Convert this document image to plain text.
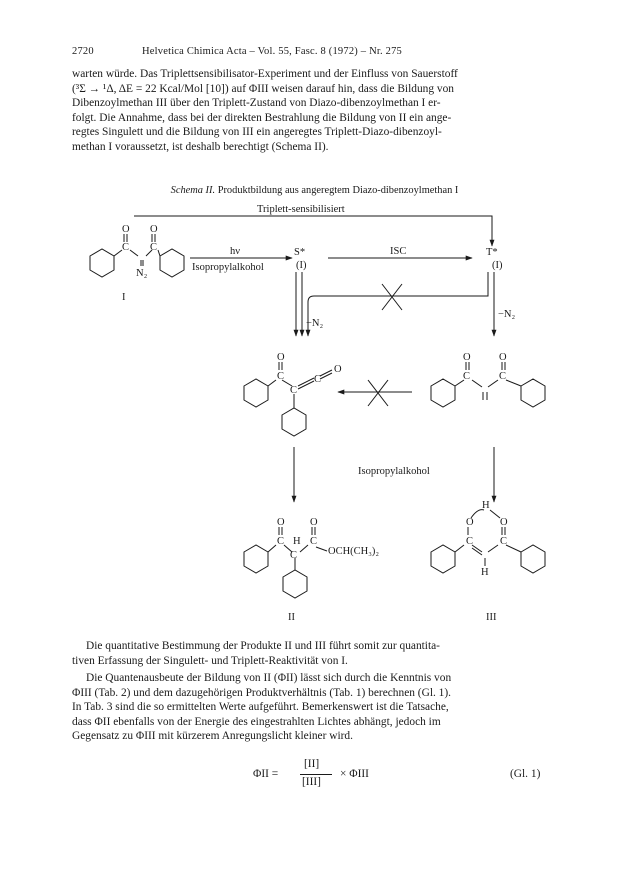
2720	Helvetica Chimica Acta – Vol. 55, Fasc. 8 (1972) – Nr. 275

warten würde. Das Triplettsensibilisator-Experiment und der Einfluss von Sauerstoff

(³Σ → ¹Δ, ΔE = 22 Kcal/Mol [10]) auf ΦIII weisen darauf hin, dass die Bildung von

Dibenzoylmethan III über den Triplett-Zustand von Diazo-dibenzoylmethan I er-

folgt. Die Annahme, dass bei der direkten Bestrahlung die Bildung von II ein ange-

regtes Singulett und die Bildung von III ein angeregtes Triplett-Diazo-dibenzoyl-

methan I voraussetzt, ist deshalb berechtigt (Schema II).

Schema II. Produktbildung aus angeregtem Diazo-dibenzoylmethan I
Triplett-sensibilisiert
hν
Isopropylalkohol
S*
(I)
ISC	T*
(I)
−N₂
−N₂
Isopropylalkohol
O O
C C
N₂
I
O
C
C
C
O
O	O
C	C
O O
C H C
C	OCH(CH₃)₂
II
H
O	O
C	C
H
III

Die quantitative Bestimmung der Produkte II und III führt somit zur quantita-

tiven Erfassung der Singulett- und Triplett-Reaktivität von I.

Die Quantenausbeute der Bildung von II (ΦII) lässt sich durch die Kenntnis von

ΦIII (Tab. 2) und dem dazugehörigen Produktverhältnis (Tab. 1) berechnen (Gl. 1).

In Tab. 3 sind die so ermittelten Werte aufgeführt. Bemerkenswert ist die Tatsache,

dass ΦII ebenfalls von der Energie des eingestrahlten Lichtes abhängt, jedoch im

Gegensatz zu ΦIII mit kürzerem Anregungslicht kleiner wird.

ΦII =
[II]
[III]
× ΦIII	(Gl. 1)
